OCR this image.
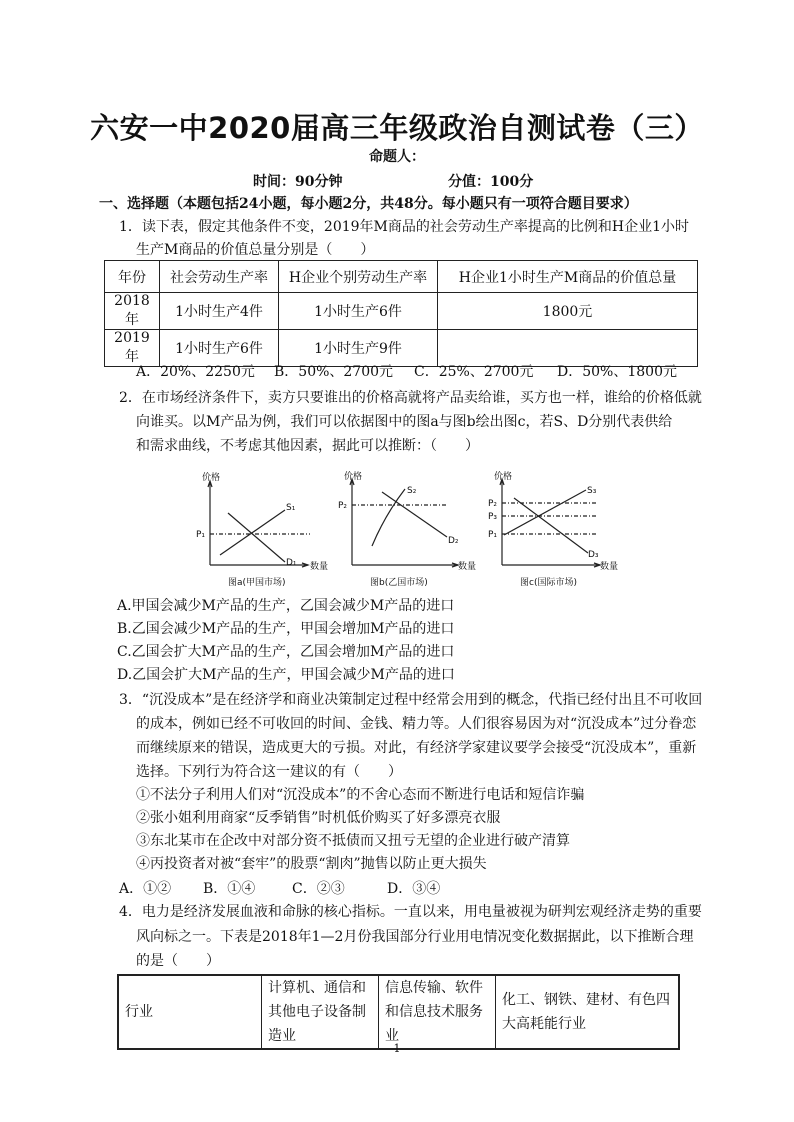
六安一中2020届高三年级政治自测试卷（三）
命题人：
时间：90分钟	分值：100分
一、选择题（本题包括24小题，每小题2分，共48分。每小题只有一项符合题目要求）
1．读下表，假定其他条件不变，2019年M商品的社会劳动生产率提高的比例和H企业1小时
生产M商品的价值总量分别是（　　）
年份	社会劳动生产率	H企业个别劳动生产率	H企业1小时生产M商品的价值总量
2018年	1小时生产4件	1小时生产6件	1800元
2019年	1小时生产6件	1小时生产9件	
A．20%、2250元 B．50%、2700元 C．25%、2700元 D．50%、1800元
2．在市场经济条件下，卖方只要谁出的价格高就将产品卖给谁，买方也一样，谁给的价格低就
向谁买。以M产品为例，我们可以依据图中的图a与图b绘出图c，若S、D分别代表供给
和需求曲线，不考虑其他因素，据此可以推断：（　　）
价格
数量
S₁
D₁
P₁
图a(甲国市场)
价格
数量
S₂
D₂
P₂
图b(乙国市场)
价格
数量
S₃
D₃
P₂
P₃
P₁
图c(国际市场)
A.甲国会减少M产品的生产，乙国会减少M产品的进口
B.乙国会减少M产品的生产，甲国会增加M产品的进口
C.乙国会扩大M产品的生产，乙国会增加M产品的进口
D.乙国会扩大M产品的生产，甲国会减少M产品的进口
3．“沉没成本”是在经济学和商业决策制定过程中经常会用到的概念，代指已经付出且不可收回
的成本，例如已经不可收回的时间、金钱、精力等。人们很容易因为对“沉没成本”过分眷恋
而继续原来的错误，造成更大的亏损。对此，有经济学家建议要学会接受“沉没成本”，重新
选择。下列行为符合这一建议的有（　　）
①不法分子利用人们对“沉没成本”的不舍心态而不断进行电话和短信诈骗
②张小姐利用商家“反季销售”时机低价购买了好多漂亮衣服
③东北某市在企改中对部分资不抵债而又扭亏无望的企业进行破产清算
④丙投资者对被“套牢”的股票“割肉”抛售以防止更大损失
A．①② B．①④	C．②③	D．③④
4．电力是经济发展血液和命脉的核心指标。一直以来，用电量被视为研判宏观经济走势的重要
风向标之一。下表是2018年1—2月份我国部分行业用电情况变化数据据此，以下推断合理
的是（　　）
行业	计算机、通信和其他电子设备制造业	信息传输、软件和信息技术服务业	化工、钢铁、建材、有色四大高耗能行业
1
